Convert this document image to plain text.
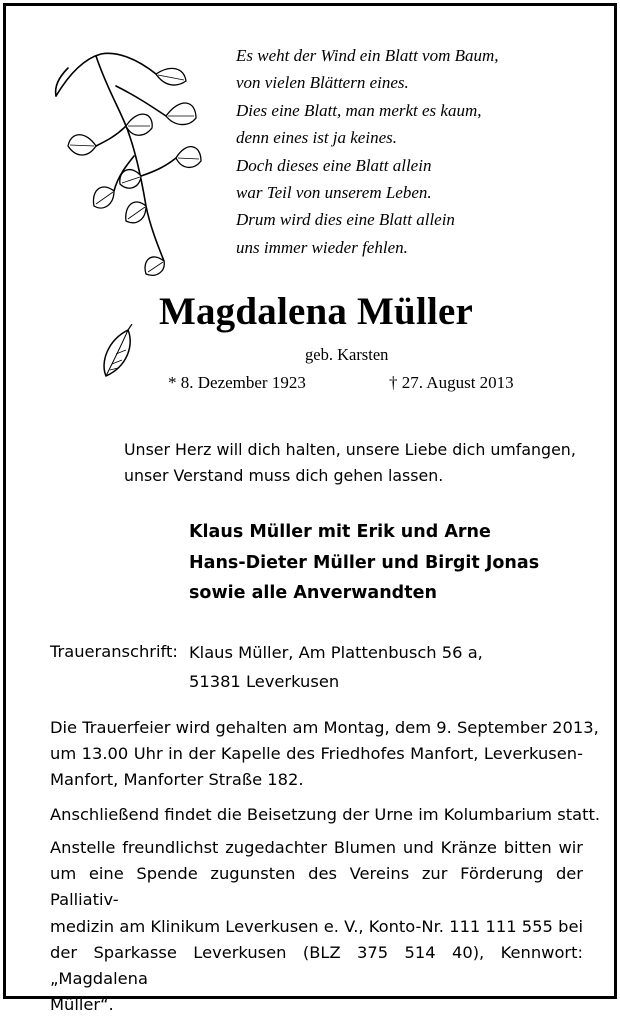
Es weht der Wind ein Blatt vom Baum,
von vielen Blättern eines.
Dies eine Blatt, man merkt es kaum,
denn eines ist ja keines.
Doch dieses eine Blatt allein
war Teil von unserem Leben.
Drum wird dies eine Blatt allein
uns immer wieder fehlen.
Magdalena Müller
geb. Karsten
* 8. Dezember 1923	† 27. August 2013
Unser Herz will dich halten, unsere Liebe dich umfangen,
unser Verstand muss dich gehen lassen.
Klaus Müller mit Erik und Arne
Hans-Dieter Müller und Birgit Jonas
sowie alle Anverwandten
Traueranschrift: Klaus Müller, Am Plattenbusch 56 a,
51381 Leverkusen
Die Trauerfeier wird gehalten am Montag, dem 9. September 2013,
um 13.00 Uhr in der Kapelle des Friedhofes Manfort, Leverkusen-
Manfort, Manforter Straße 182.
Anschließend findet die Beisetzung der Urne im Kolumbarium statt.
Anstelle freundlichst zugedachter Blumen und Kränze bitten wir
um eine Spende zugunsten des Vereins zur Förderung der Palliativ-
medizin am Klinikum Leverkusen e. V., Konto-Nr. 111 111 555 bei
der Sparkasse Leverkusen (BLZ 375 514 40), Kennwort: „Magdalena
Müller“.
